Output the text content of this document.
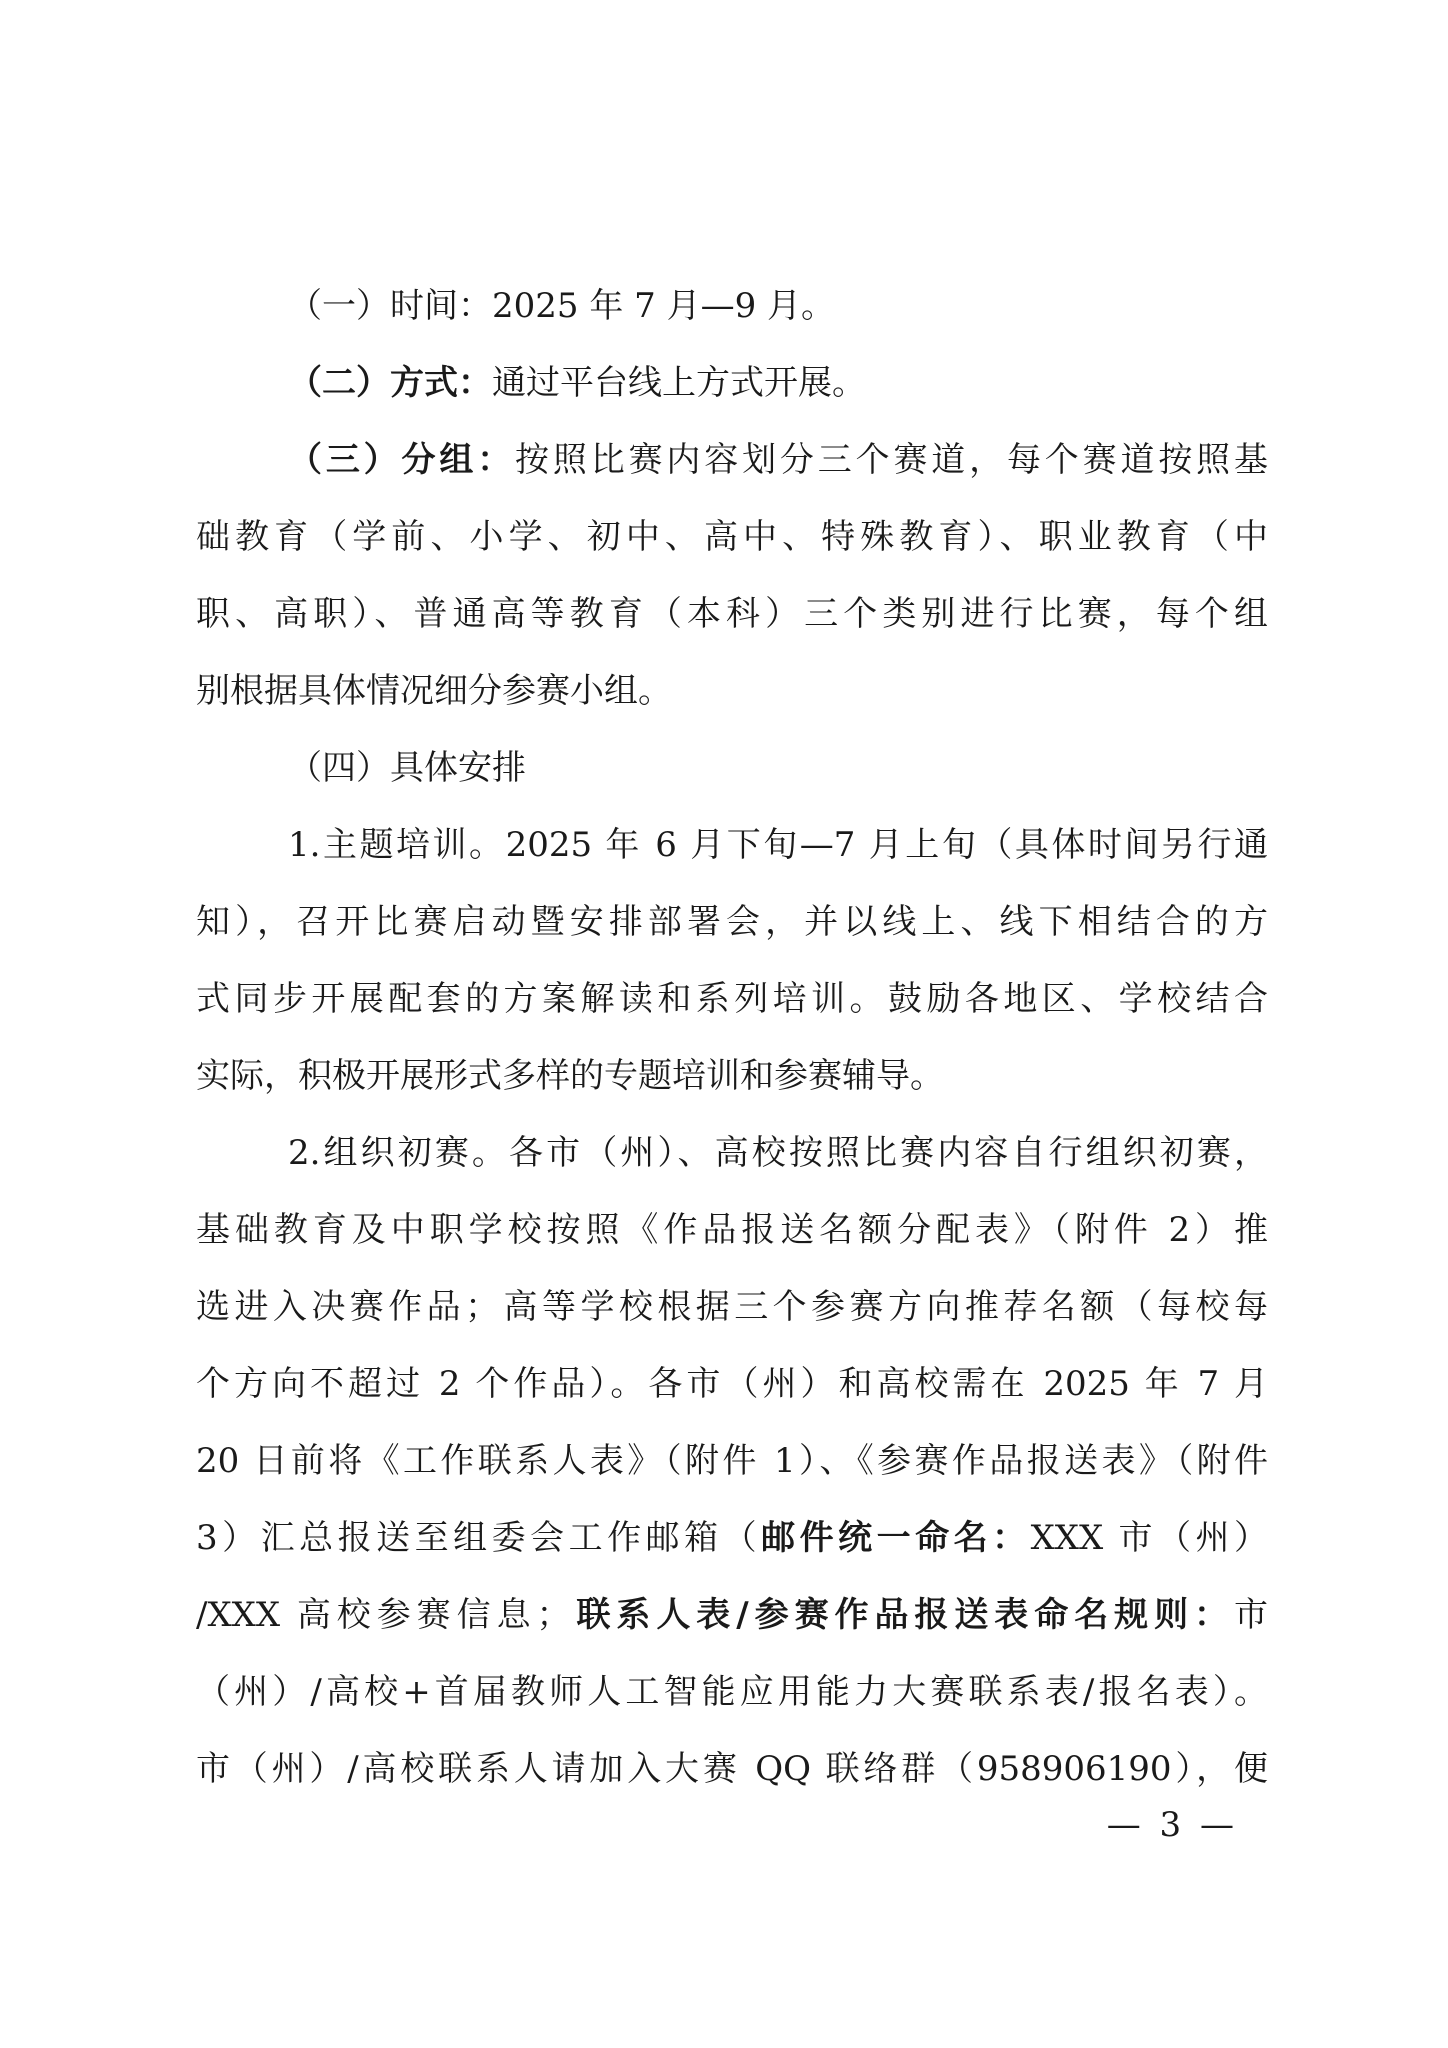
（一）时间：2025 年 7 月—9 月。
（二）方式：通过平台线上方式开展。
（三）分组：按照比赛内容划分三个赛道，每个赛道按照基
础教育（学前、小学、初中、高中、特殊教育）、职业教育（中
职、高职）、普通高等教育（本科）三个类别进行比赛，每个组
别根据具体情况细分参赛小组。
（四）具体安排
1.主题培训。2025 年 6 月下旬—7 月上旬（具体时间另行通
知），召开比赛启动暨安排部署会，并以线上、线下相结合的方
式同步开展配套的方案解读和系列培训。鼓励各地区、学校结合
实际，积极开展形式多样的专题培训和参赛辅导。
2.组织初赛。各市（州）、高校按照比赛内容自行组织初赛，
基础教育及中职学校按照《作品报送名额分配表》（附件 2）推
选进入决赛作品；高等学校根据三个参赛方向推荐名额（每校每
个方向不超过 2 个作品）。各市（州）和高校需在 2025 年 7 月
20 日前将《工作联系人表》（附件 1）、《参赛作品报送表》（附件
3）汇总报送至组委会工作邮箱（邮件统一命名：XXX 市（州）
/XXX 高校参赛信息；联系人表/参赛作品报送表命名规则：市
（州）/高校+首届教师人工智能应用能力大赛联系表/报名表）。
市（州）/高校联系人请加入大赛 QQ 联络群（958906190），便
— 3 —
